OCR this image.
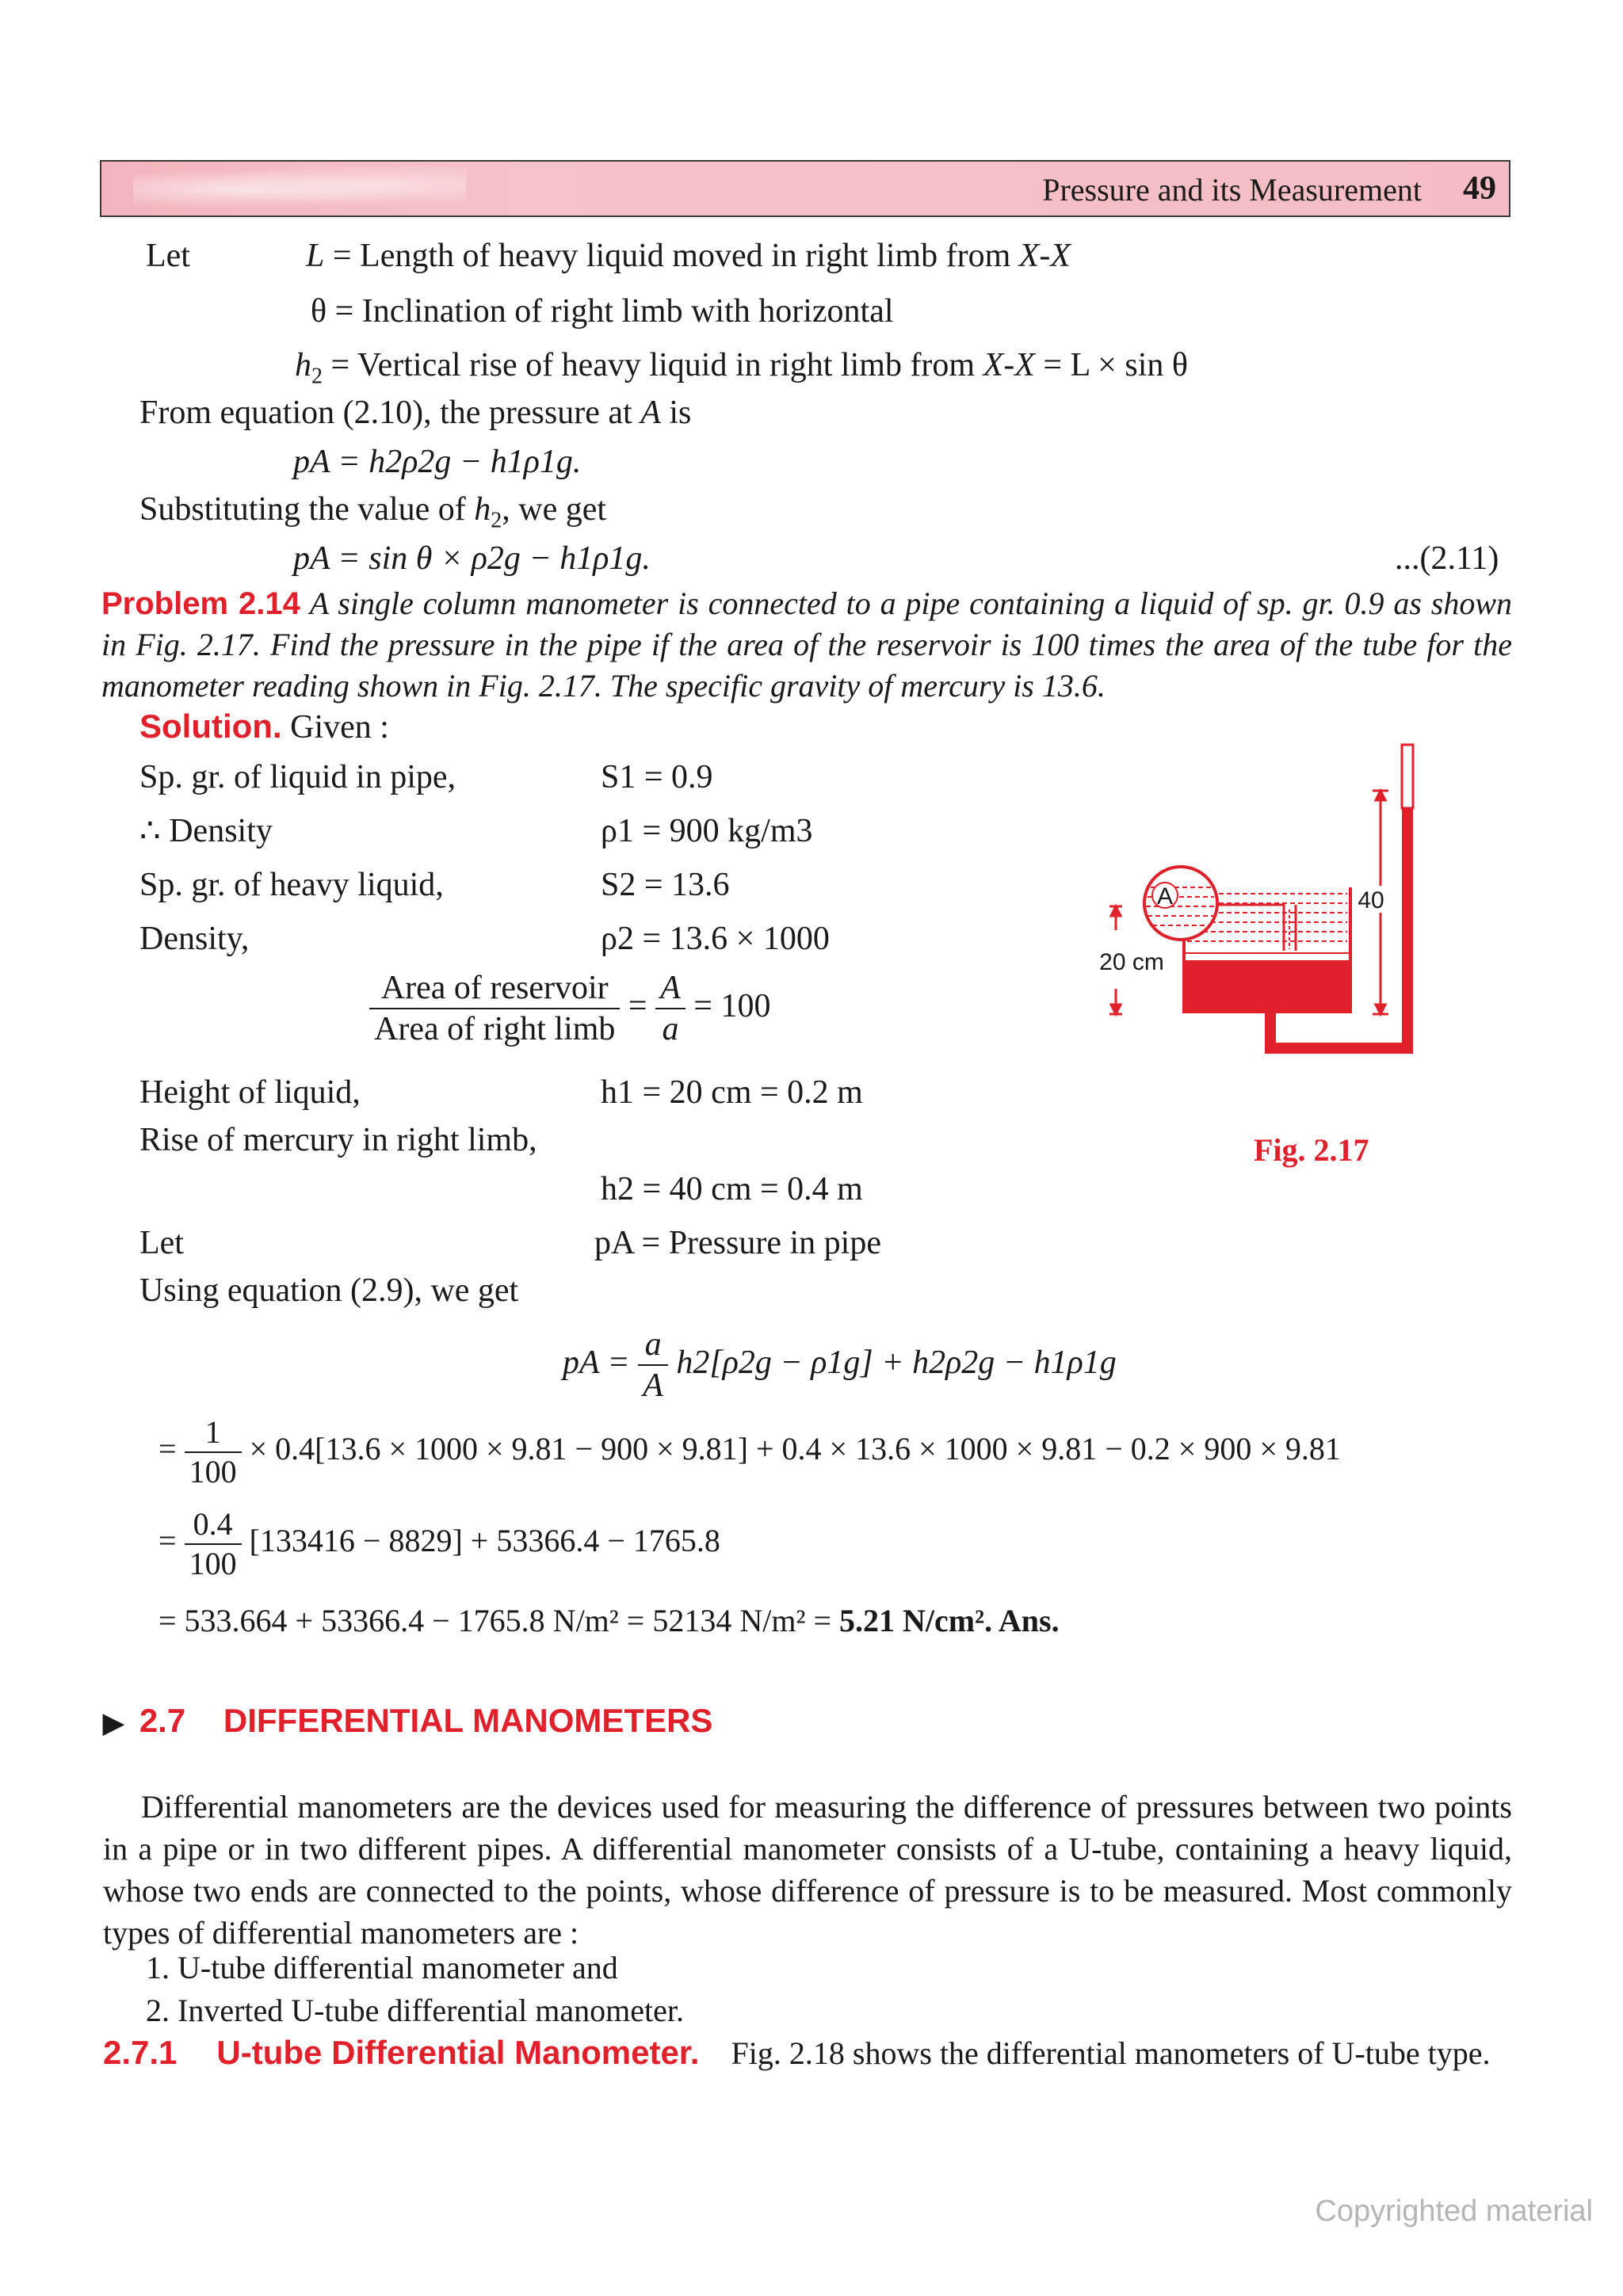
Pressure and its Measurement 49
Let	L = Length of heavy liquid moved in right limb from X-X
θ = Inclination of right limb with horizontal
$h_2$ = Vertical rise of heavy liquid in right limb from X-X = L × sin θ
From equation (2.10), the pressure at A is
pA = h2ρ2g − h1ρ1g.
Substituting the value of $h_2$, we get
pA = sin θ × ρ2g − h1ρ1g.	...(2.11)
Problem 2.14 A single column manometer is connected to a pipe containing a liquid of sp. gr. 0.9 as shown in Fig. 2.17. Find the pressure in the pipe if the area of the reservoir is 100 times the area of the tube for the manometer reading shown in Fig. 2.17. The specific gravity of mercury is 13.6.
Solution. Given :
Sp. gr. of liquid in pipe,	S1 = 0.9
∴ Density	ρ1 = 900 kg/m3
Sp. gr. of heavy liquid,	S2 = 13.6
Density,	ρ2 = 13.6 × 1000
$\frac{\text{Area of reservoir}}{\text{Area of right limb}} = \frac{A}{a} = 100$
Height of liquid,	h1 = 20 cm = 0.2 m
Rise of mercury in right limb,
h2 = 40 cm = 0.4 m
Let	pA = Pressure in pipe
Using equation (2.9), we get
pA = $\frac{a}{A} h2[\rho 2g - \rho 1g] + h2\rho 2g - h1\rho 1g$
= $\frac{1}{100} \times 0.4[13.6 \times 1000 \times 9.81 - 900 \times 9.81] + 0.4 \times 13.6 \times 1000 \times 9.81 - 0.2 \times 900 \times 9.81$
= $\frac{0.4}{100} [133416 - 8829] + 53366.4 - 1765.8$
= 533.664 + 53366.4 − 1765.8 N/m² = 52134 N/m² = 5.21 N/cm². Ans.
A
20 cm
40
Fig. 2.17
▶ 2.7 DIFFERENTIAL MANOMETERS
Differential manometers are the devices used for measuring the difference of pressures between two points in a pipe or in two different pipes. A differential manometer consists of a U-tube, containing a heavy liquid, whose two ends are connected to the points, whose difference of pressure is to be measured. Most commonly types of differential manometers are :
1. U-tube differential manometer and
2. Inverted U-tube differential manometer.
2.7.1 U-tube Differential Manometer. Fig. 2.18 shows the differential manometers of U-tube type.
Copyrighted material
